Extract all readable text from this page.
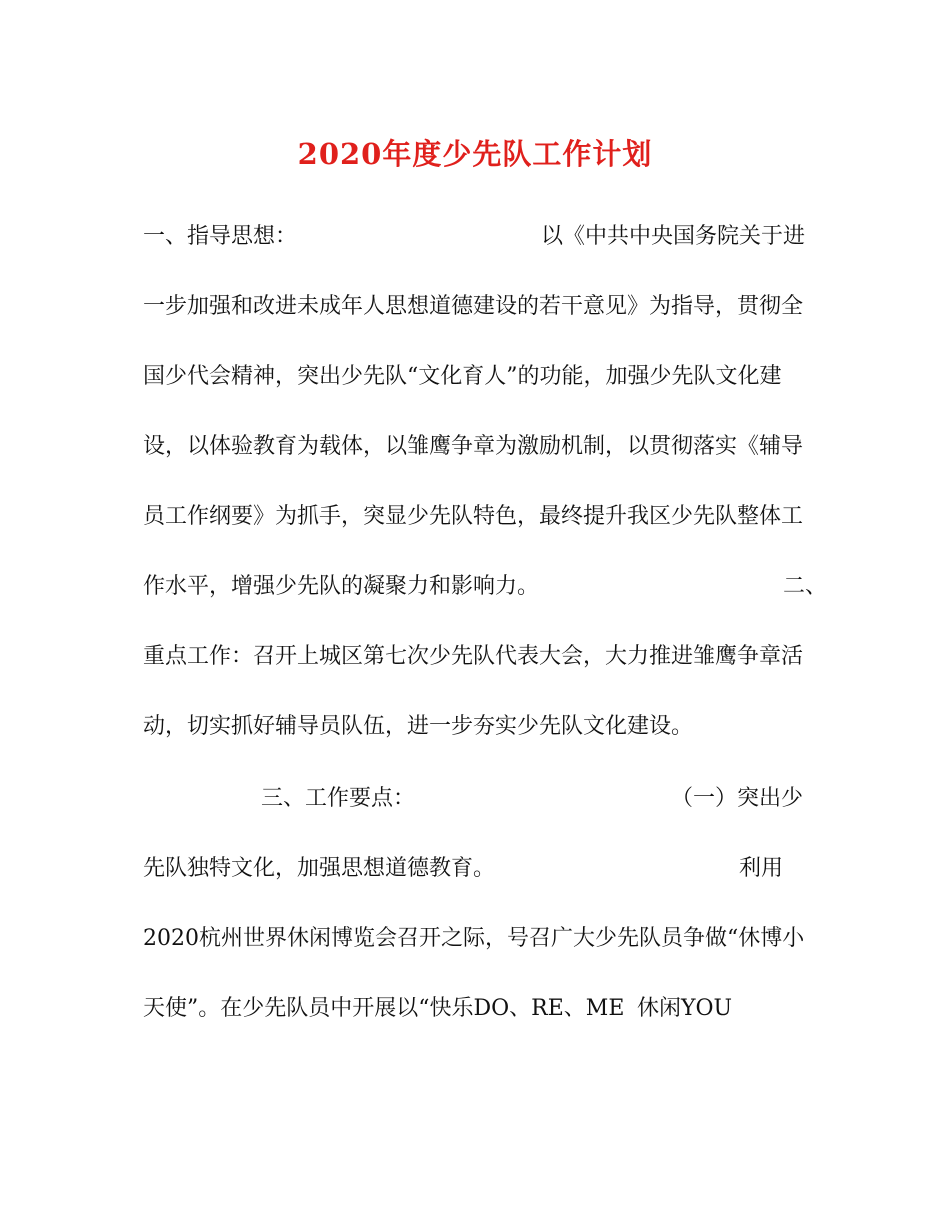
2020年度少先队工作计划
一、指导思想：	以《中共中央国务院关于进
一步加强和改进未成年人思想道德建设的若干意见》为指导，贯彻全
国少代会精神，突出少先队“文化育人”的功能，加强少先队文化建
设，以体验教育为载体，以雏鹰争章为激励机制，以贯彻落实《辅导
员工作纲要》为抓手，突显少先队特色，最终提升我区少先队整体工
作水平，增强少先队的凝聚力和影响力。	二、
重点工作：召开上城区第七次少先队代表大会，大力推进雏鹰争章活
动，切实抓好辅导员队伍，进一步夯实少先队文化建设。
三、工作要点：	（一）突出少
先队独特文化，加强思想道德教育。	利用
2020杭州世界休闲博览会召开之际，号召广大少先队员争做“休博小
天使”。在少先队员中开展以“快乐DO、RE、ME 休闲YOU
